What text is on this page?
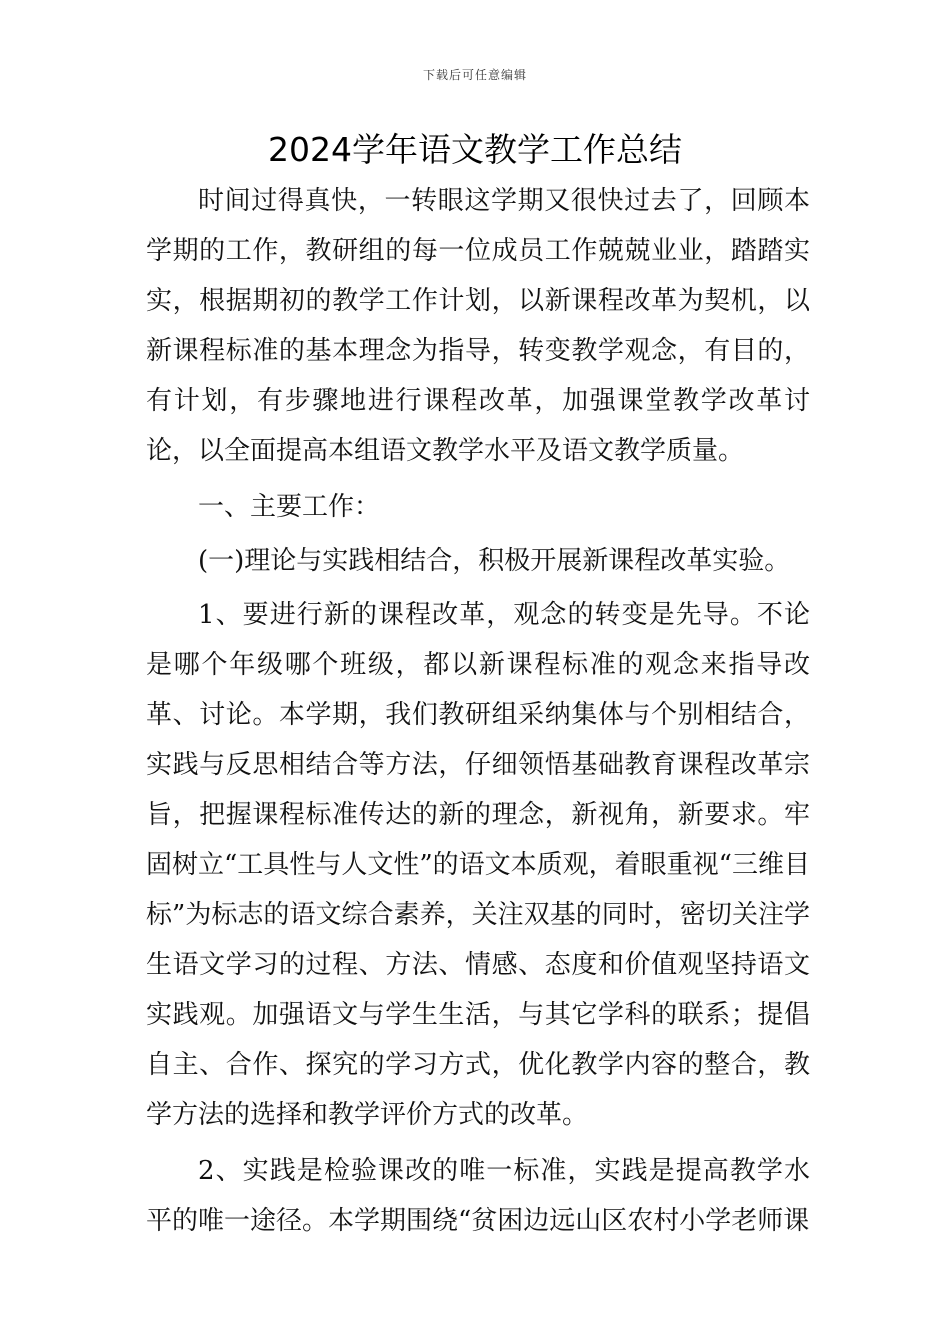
下载后可任意编辑
2024学年语文教学工作总结

时间过得真快，一转眼这学期又很快过去了，回顾本学期的工作，教研组的每一位成员工作兢兢业业，踏踏实实，根据期初的教学工作计划，以新课程改革为契机，以新课程标准的基本理念为指导，转变教学观念，有目的，有计划，有步骤地进行课程改革，加强课堂教学改革讨论，以全面提高本组语文教学水平及语文教学质量。

一、主要工作：

(一)理论与实践相结合，积极开展新课程改革实验。

1、要进行新的课程改革，观念的转变是先导。不论是哪个年级哪个班级，都以新课程标准的观念来指导改革、讨论。本学期，我们教研组采纳集体与个别相结合，实践与反思相结合等方法，仔细领悟基础教育课程改革宗旨，把握课程标准传达的新的理念，新视角，新要求。牢固树立“工具性与人文性”的语文本质观，着眼重视“三维目标”为标志的语文综合素养，关注双基的同时，密切关注学生语文学习的过程、方法、情感、态度和价值观坚持语文实践观。加强语文与学生生活，与其它学科的联系；提倡自主、合作、探究的学习方式，优化教学内容的整合，教学方法的选择和教学评价方式的改革。

2、实践是检验课改的唯一标准，实践是提高教学水平的唯一途径。本学期围绕“贫困边远山区农村小学老师课
